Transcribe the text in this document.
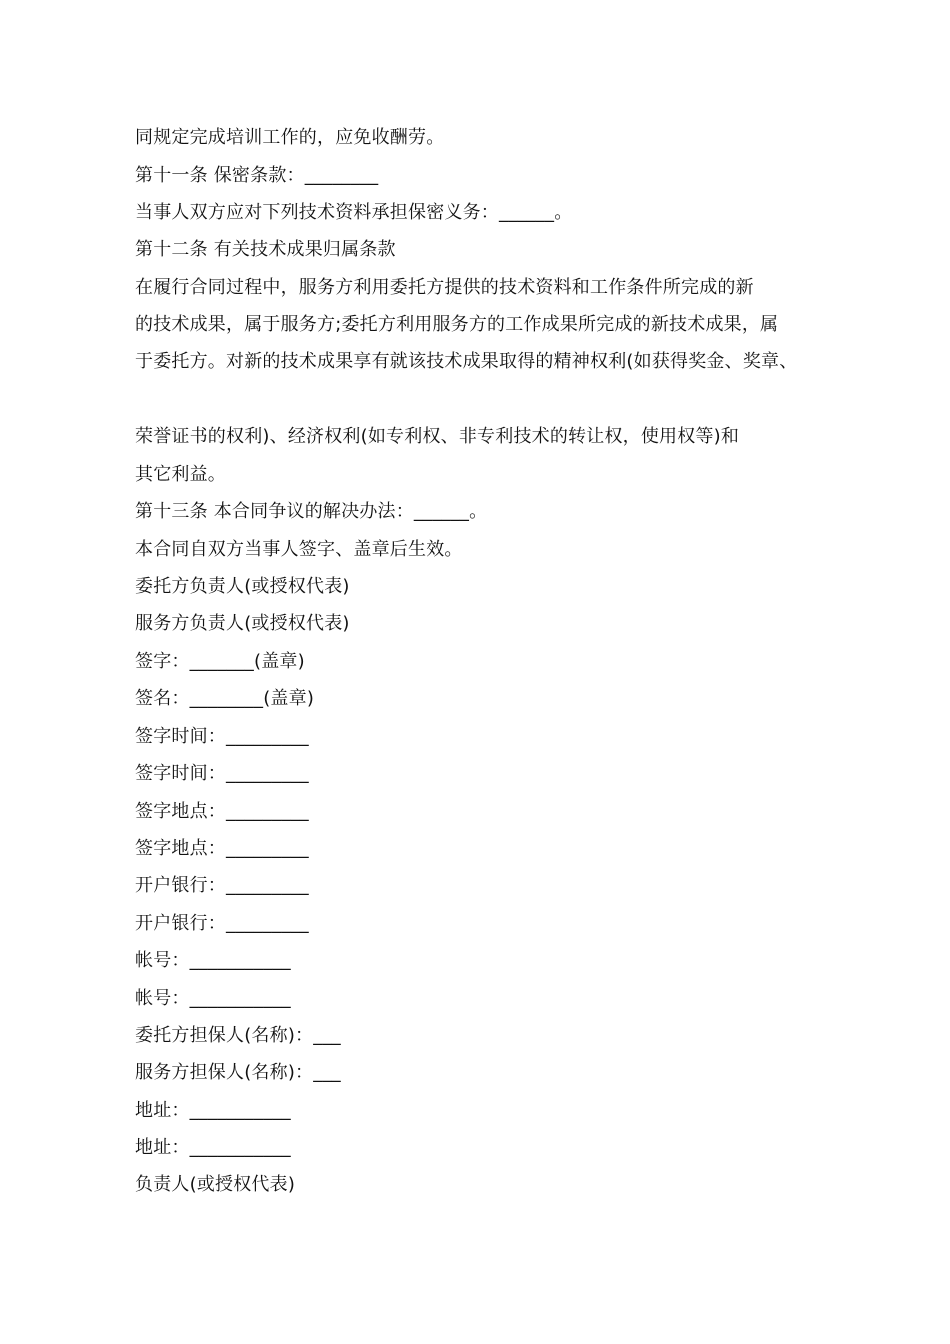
同规定完成培训工作的，应免收酬劳。
第十一条 保密条款：________
当事人双方应对下列技术资料承担保密义务：______。
第十二条 有关技术成果归属条款
在履行合同过程中，服务方利用委托方提供的技术资料和工作条件所完成的新
的技术成果，属于服务方;委托方利用服务方的工作成果所完成的新技术成果，属
于委托方。对新的技术成果享有就该技术成果取得的精神权利(如获得奖金、奖章、
荣誉证书的权利)、经济权利(如专利权、非专利技术的转让权，使用权等)和
其它利益。
第十三条 本合同争议的解决办法：______。
本合同自双方当事人签字、盖章后生效。
委托方负责人(或授权代表)
服务方负责人(或授权代表)
签字：_______(盖章)
签名：________(盖章)
签字时间：_________
签字时间：_________
签字地点：_________
签字地点：_________
开户银行：_________
开户银行：_________
帐号：___________
帐号：___________
委托方担保人(名称)：___
服务方担保人(名称)：___
地址：___________
地址：___________
负责人(或授权代表)
